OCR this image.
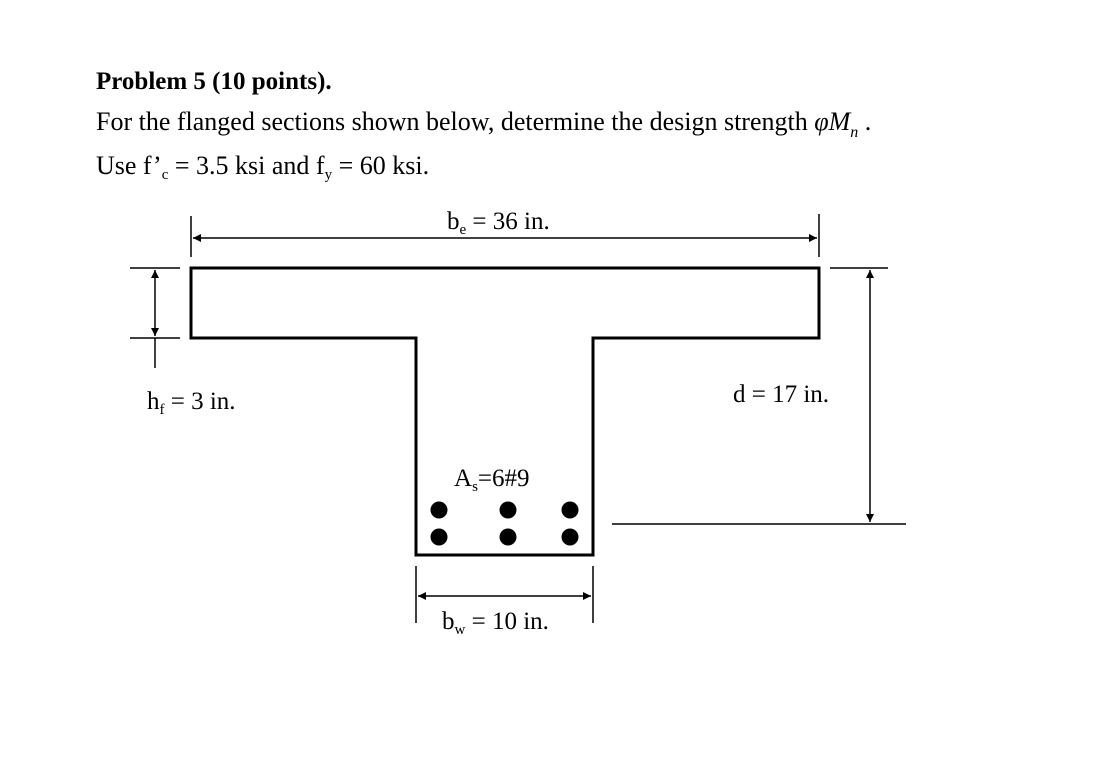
Problem 5 (10 points).
For the flanged sections shown below, determine the design strength $\varphi M_n$ .
Use f’c = 3.5 ksi and fy = 60 ksi.
$b_e = 36$ in.
$h_f = 3$ in.	d = 17 in.
$A_s=6\#9$
$b_w = 10$ in.
